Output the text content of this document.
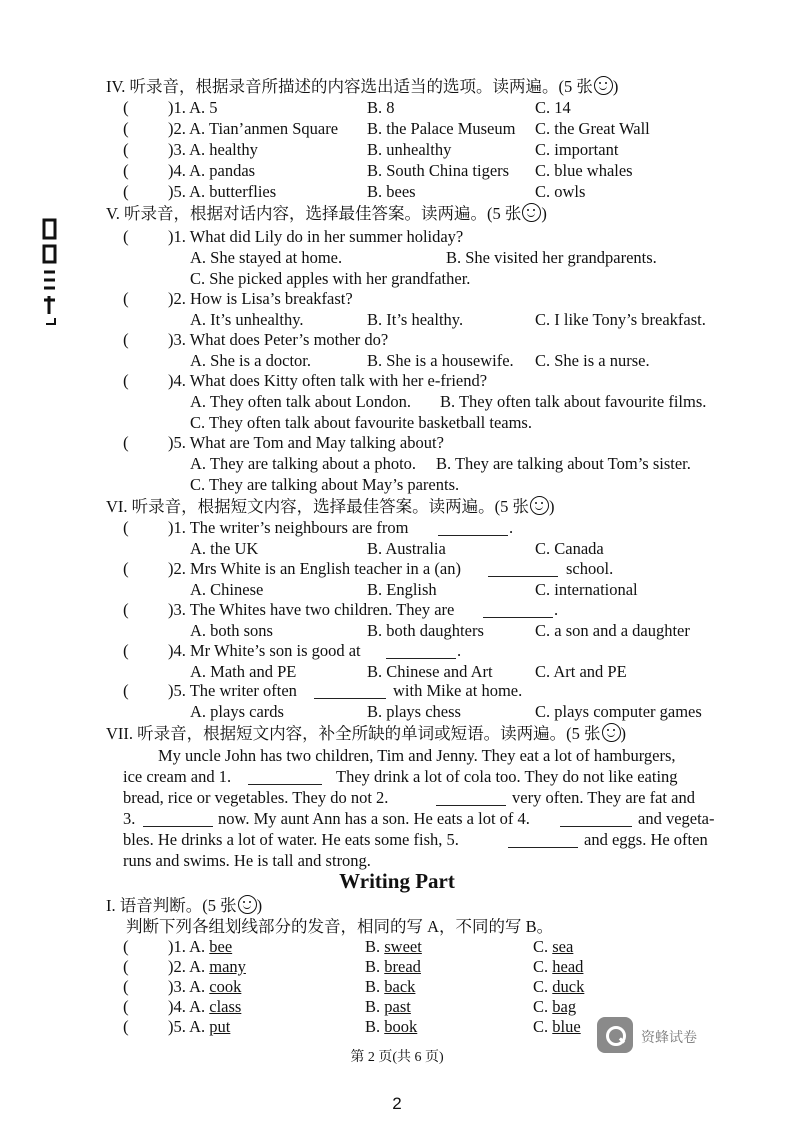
IV. 听录音，根据录音所描述的内容选出适当的选项。读两遍。(5 张 )
( )1. A. 5	B. 8	C. 14
( )2. A. Tian’anmen Square B. the Palace Museum C. the Great Wall
( )3. A. healthy	B. unhealthy	C. important
( )4. A. pandas	B. South China tigers C. blue whales
( )5. A. butterflies	B. bees	C. owls
V. 听录音，根据对话内容，选择最佳答案。读两遍。(5 张 )
( )1. What did Lily do in her summer holiday?
A. She stayed at home.	B. She visited her grandparents.
C. She picked apples with her grandfather.
( )2. How is Lisa’s breakfast?
A. It’s unhealthy.	B. It’s healthy.	C. I like Tony’s breakfast.
( )3. What does Peter’s mother do?
A. She is a doctor.	B. She is a housewife. C. She is a nurse.
( )4. What does Kitty often talk with her e-friend?
A. They often talk about London. B. They often talk about favourite films.
C. They often talk about favourite basketball teams.
( )5. What are Tom and May talking about?
A. They are talking about a photo. B. They are talking about Tom’s sister.
C. They are talking about May’s parents.
VI. 听录音，根据短文内容，选择最佳答案。读两遍。(5 张 )
( )1. The writer’s neighbours are from	.
A. the UK	B. Australia	C. Canada
( )2. Mrs White is an English teacher in a (an)	school.
A. Chinese	B. English	C. international
( )3. The Whites have two children. They are	.
A. both sons	B. both daughters	C. a son and a daughter
( )4. Mr White’s son is good at	.
A. Math and PE	B. Chinese and Art	C. Art and PE
( )5. The writer often	with Mike at home.
A. plays cards	B. plays chess	C. plays computer games
VII. 听录音，根据短文内容，补全所缺的单词或短语。读两遍。(5 张 )
My uncle John has two children, Tim and Jenny. They eat a lot of hamburgers,
ice cream and 1.	They drink a lot of cola too. They do not like eating
bread, rice or vegetables. They do not 2.	very often. They are fat and
3.	now. My aunt Ann has a son. He eats a lot of 4.	and vegeta-
bles. He drinks a lot of water. He eats some fish, 5.	and eggs. He often
runs and swims. He is tall and strong.
Writing Part
I. 语音判断。(5 张 )
判断下列各组划线部分的发音，相同的写 A，不同的写 B。
( )1. A. bee	B. sweet	C. sea
( )2. A. many	B. bread	C. head
( )3. A. cook	B. back	C. duck
( )4. A. class	B. past	C. bag
( )5. A. put	B. book	C. blue
资蜂试卷
第 2 页(共 6 页)
2
